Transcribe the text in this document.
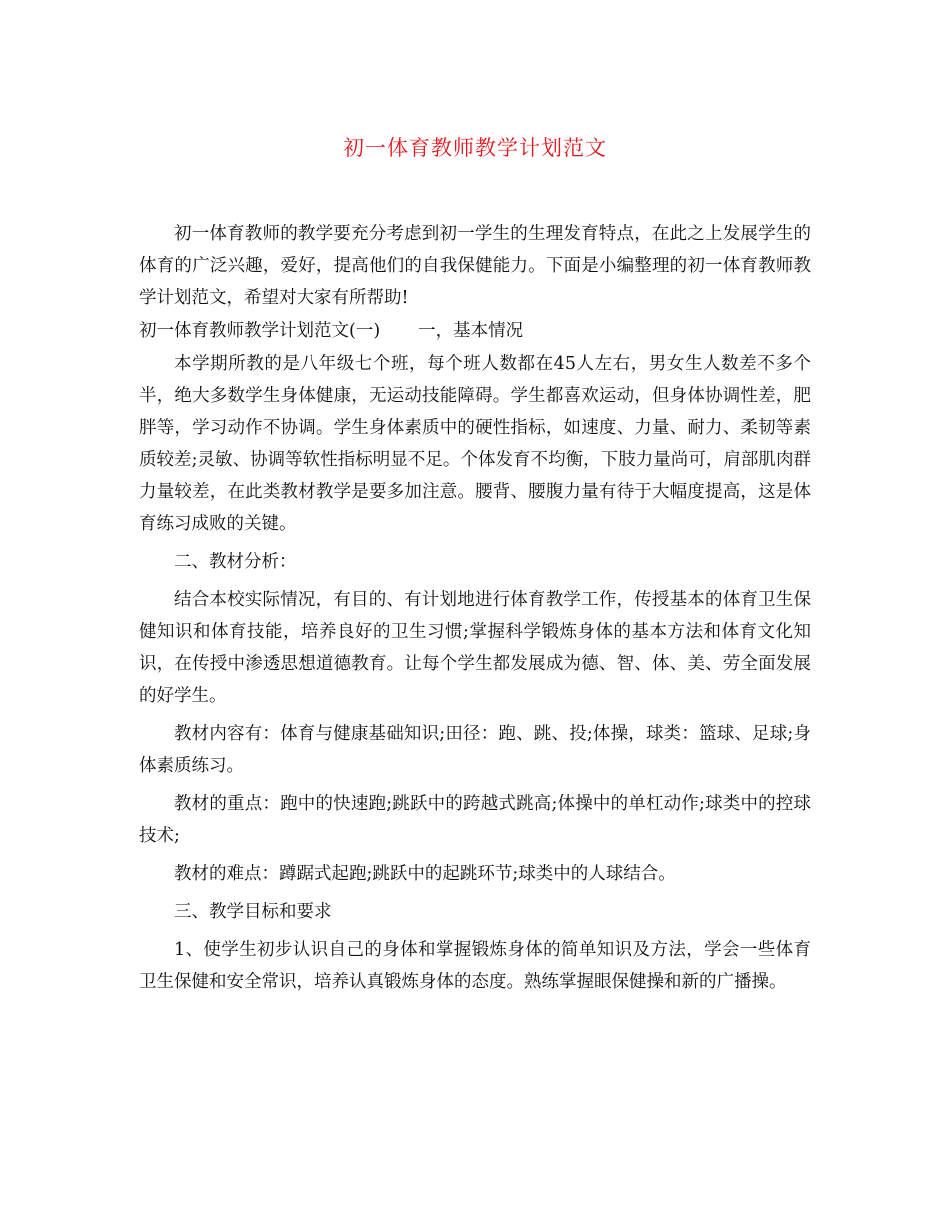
初一体育教师教学计划范文

初一体育教师的教学要充分考虑到初一学生的生理发育特点，在此之上发展学生的体育的广泛兴趣，爱好，提高他们的自我保健能力。下面是小编整理的初一体育教师教学计划范文，希望对大家有所帮助!

初一体育教师教学计划范文(一) 一，基本情况

本学期所教的是八年级七个班，每个班人数都在45人左右，男女生人数差不多个半，绝大多数学生身体健康，无运动技能障碍。学生都喜欢运动，但身体协调性差，肥胖等，学习动作不协调。学生身体素质中的硬性指标，如速度、力量、耐力、柔韧等素质较差;灵敏、协调等软性指标明显不足。个体发育不均衡，下肢力量尚可，肩部肌肉群力量较差，在此类教材教学是要多加注意。腰背、腰腹力量有待于大幅度提高，这是体育练习成败的关键。

二、教材分析：

结合本校实际情况，有目的、有计划地进行体育教学工作，传授基本的体育卫生保健知识和体育技能，培养良好的卫生习惯;掌握科学锻炼身体的基本方法和体育文化知识，在传授中渗透思想道德教育。让每个学生都发展成为德、智、体、美、劳全面发展的好学生。

教材内容有：体育与健康基础知识;田径：跑、跳、投;体操，球类：篮球、足球;身体素质练习。

教材的重点：跑中的快速跑;跳跃中的跨越式跳高;体操中的单杠动作;球类中的控球技术;

教材的难点：蹲踞式起跑;跳跃中的起跳环节;球类中的人球结合。

三、教学目标和要求

1、使学生初步认识自己的身体和掌握锻炼身体的简单知识及方法，学会一些体育卫生保健和安全常识，培养认真锻炼身体的态度。熟练掌握眼保健操和新的广播操。
